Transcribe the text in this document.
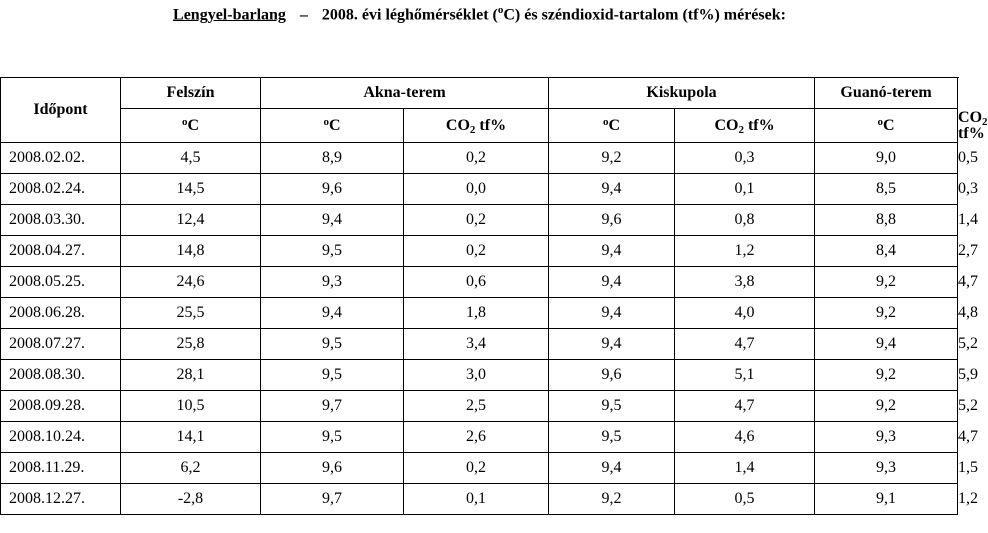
Lengyel-barlang – 2008. évi léghőmérséklet ($^o$C) és széndioxid-tartalom (tf%) mérések:
Időpont	Felszín	Akna-terem		Kiskupola		Guanó-terem	
	$^o$C	$^o$C	$CO_2$ tf%	$^o$C	$CO_2$ tf%	$^o$C	$CO_2$ tf%
2008.02.02.	4,5	8,9	0,2	9,2	0,3	9,0	0,5
2008.02.24.	14,5	9,6	0,0	9,4	0,1	8,5	0,3
2008.03.30.	12,4	9,4	0,2	9,6	0,8	8,8	1,4
2008.04.27.	14,8	9,5	0,2	9,4	1,2	8,4	2,7
2008.05.25.	24,6	9,3	0,6	9,4	3,8	9,2	4,7
2008.06.28.	25,5	9,4	1,8	9,4	4,0	9,2	4,8
2008.07.27.	25,8	9,5	3,4	9,4	4,7	9,4	5,2
2008.08.30.	28,1	9,5	3,0	9,6	5,1	9,2	5,9
2008.09.28.	10,5	9,7	2,5	9,5	4,7	9,2	5,2
2008.10.24.	14,1	9,5	2,6	9,5	4,6	9,3	4,7
2008.11.29.	6,2	9,6	0,2	9,4	1,4	9,3	1,5
2008.12.27.	-2,8	9,7	0,1	9,2	0,5	9,1	1,2
